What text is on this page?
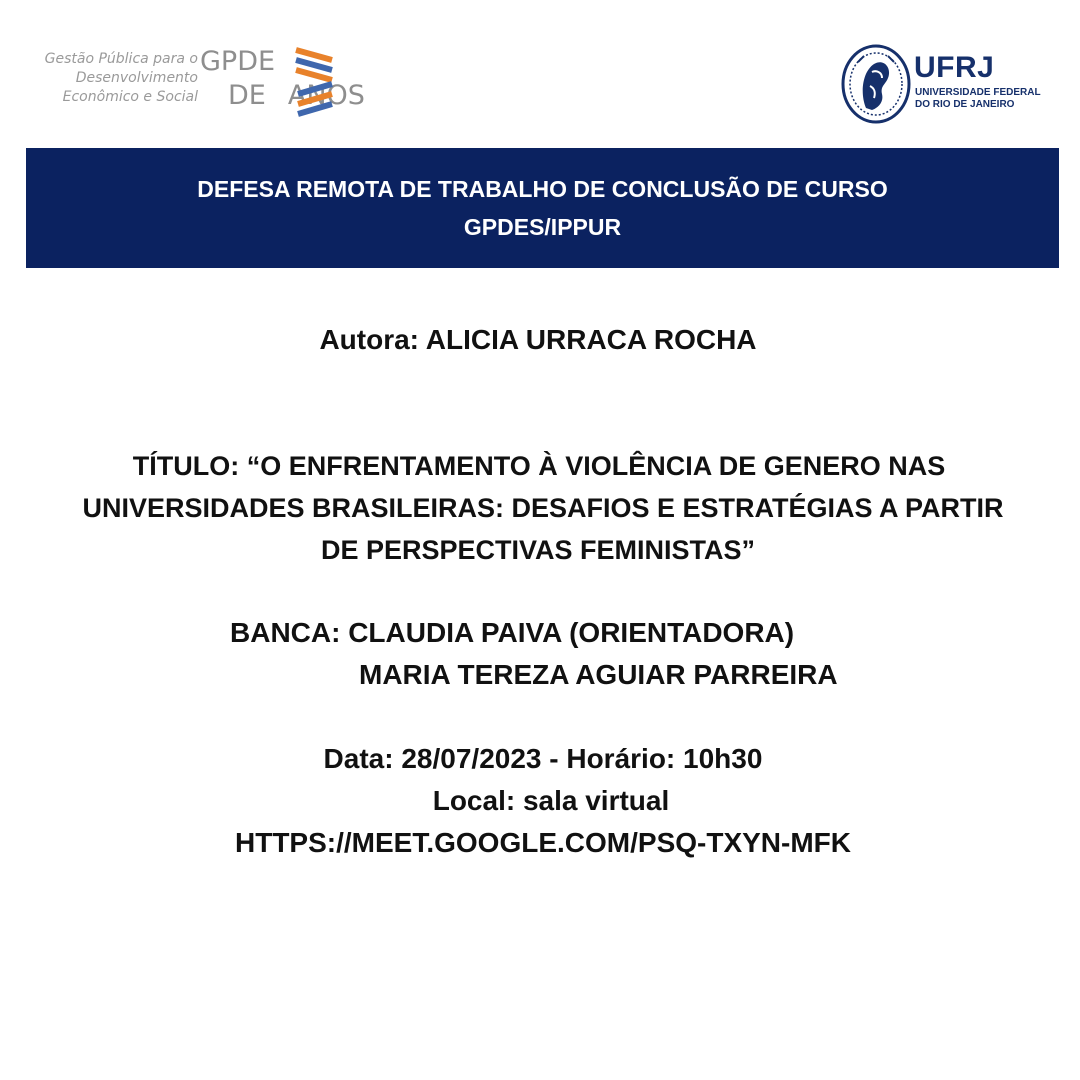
Gestão Pública para o
Desenvolvimento
Econômico e Social
GPDE
DE ANOS
UFRJ
UNIVERSIDADE FEDERAL
DO RIO DE JANEIRO
DEFESA REMOTA DE TRABALHO DE CONCLUSÃO DE CURSO
GPDES/IPPUR
Autora: ALICIA URRACA ROCHA
TÍTULO: “O ENFRENTAMENTO À VIOLÊNCIA DE GENERO NAS
UNIVERSIDADES BRASILEIRAS: DESAFIOS E ESTRATÉGIAS A PARTIR
DE PERSPECTIVAS FEMINISTAS”
BANCA: CLAUDIA PAIVA (ORIENTADORA)
MARIA TEREZA AGUIAR PARREIRA
Data: 28/07/2023 - Horário: 10h30
Local: sala virtual
HTTPS://MEET.GOOGLE.COM/PSQ-TXYN-MFK
